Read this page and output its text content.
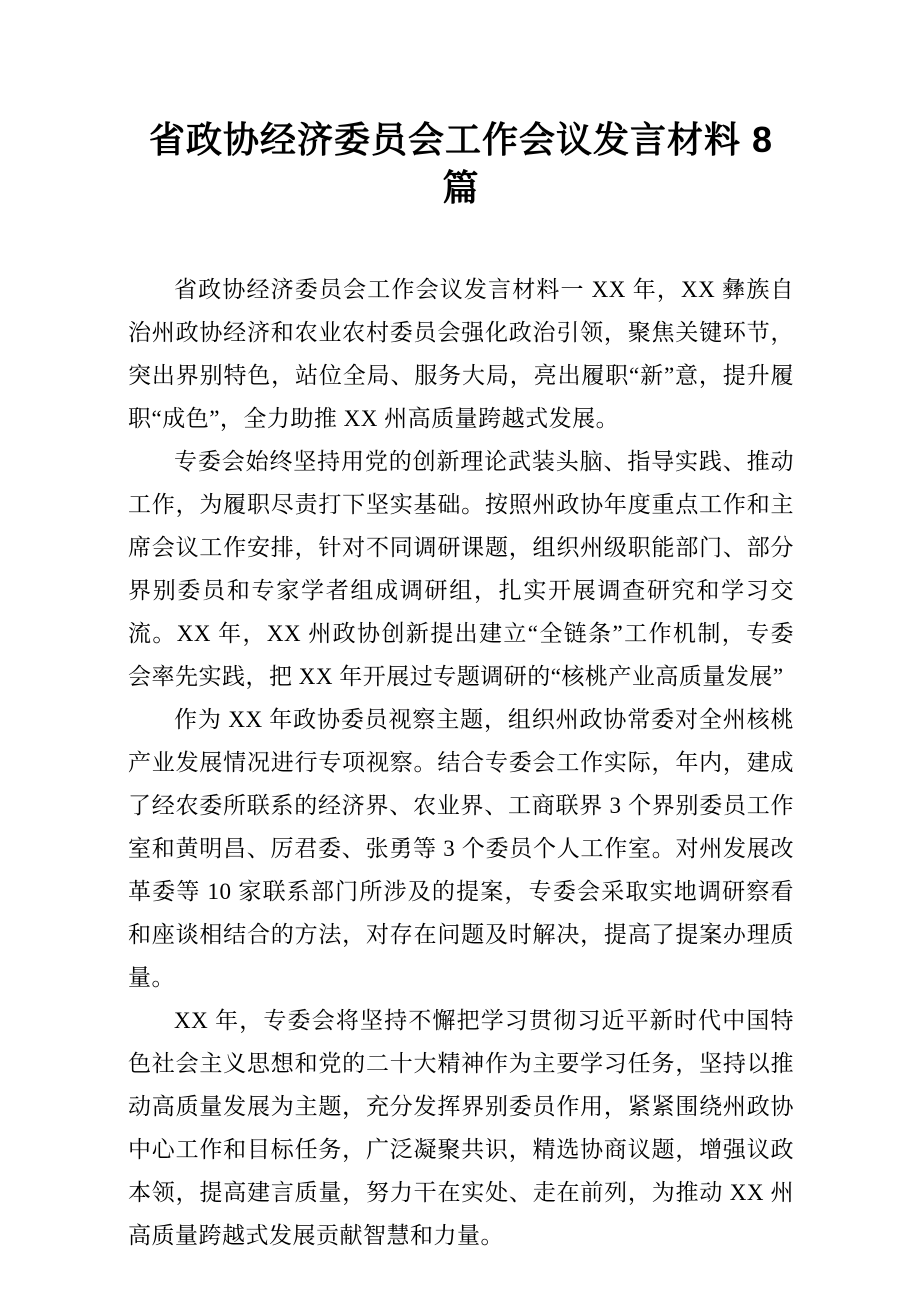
省政协经济委员会工作会议发言材料 8 篇

省政协经济委员会工作会议发言材料一 XX 年，XX 彝族自治州政协经济和农业农村委员会强化政治引领，聚焦关键环节，突出界别特色，站位全局、服务大局，亮出履职“新”意，提升履职“成色”，全力助推 XX 州高质量跨越式发展。

专委会始终坚持用党的创新理论武装头脑、指导实践、推动工作，为履职尽责打下坚实基础。按照州政协年度重点工作和主席会议工作安排，针对不同调研课题，组织州级职能部门、部分界别委员和专家学者组成调研组，扎实开展调查研究和学习交流。XX 年，XX 州政协创新提出建立“全链条”工作机制，专委会率先实践，把 XX 年开展过专题调研的“核桃产业高质量发展”

作为 XX 年政协委员视察主题，组织州政协常委对全州核桃产业发展情况进行专项视察。结合专委会工作实际，年内，建成了经农委所联系的经济界、农业界、工商联界 3 个界别委员工作室和黄明昌、厉君委、张勇等 3 个委员个人工作室。对州发展改革委等 10 家联系部门所涉及的提案，专委会采取实地调研察看和座谈相结合的方法，对存在问题及时解决，提高了提案办理质量。

XX 年，专委会将坚持不懈把学习贯彻习近平新时代中国特色社会主义思想和党的二十大精神作为主要学习任务，坚持以推动高质量发展为主题，充分发挥界别委员作用，紧紧围绕州政协中心工作和目标任务，广泛凝聚共识，精选协商议题，增强议政本领，提高建言质量，努力干在实处、走在前列，为推动 XX 州高质量跨越式发展贡献智慧和力量。
